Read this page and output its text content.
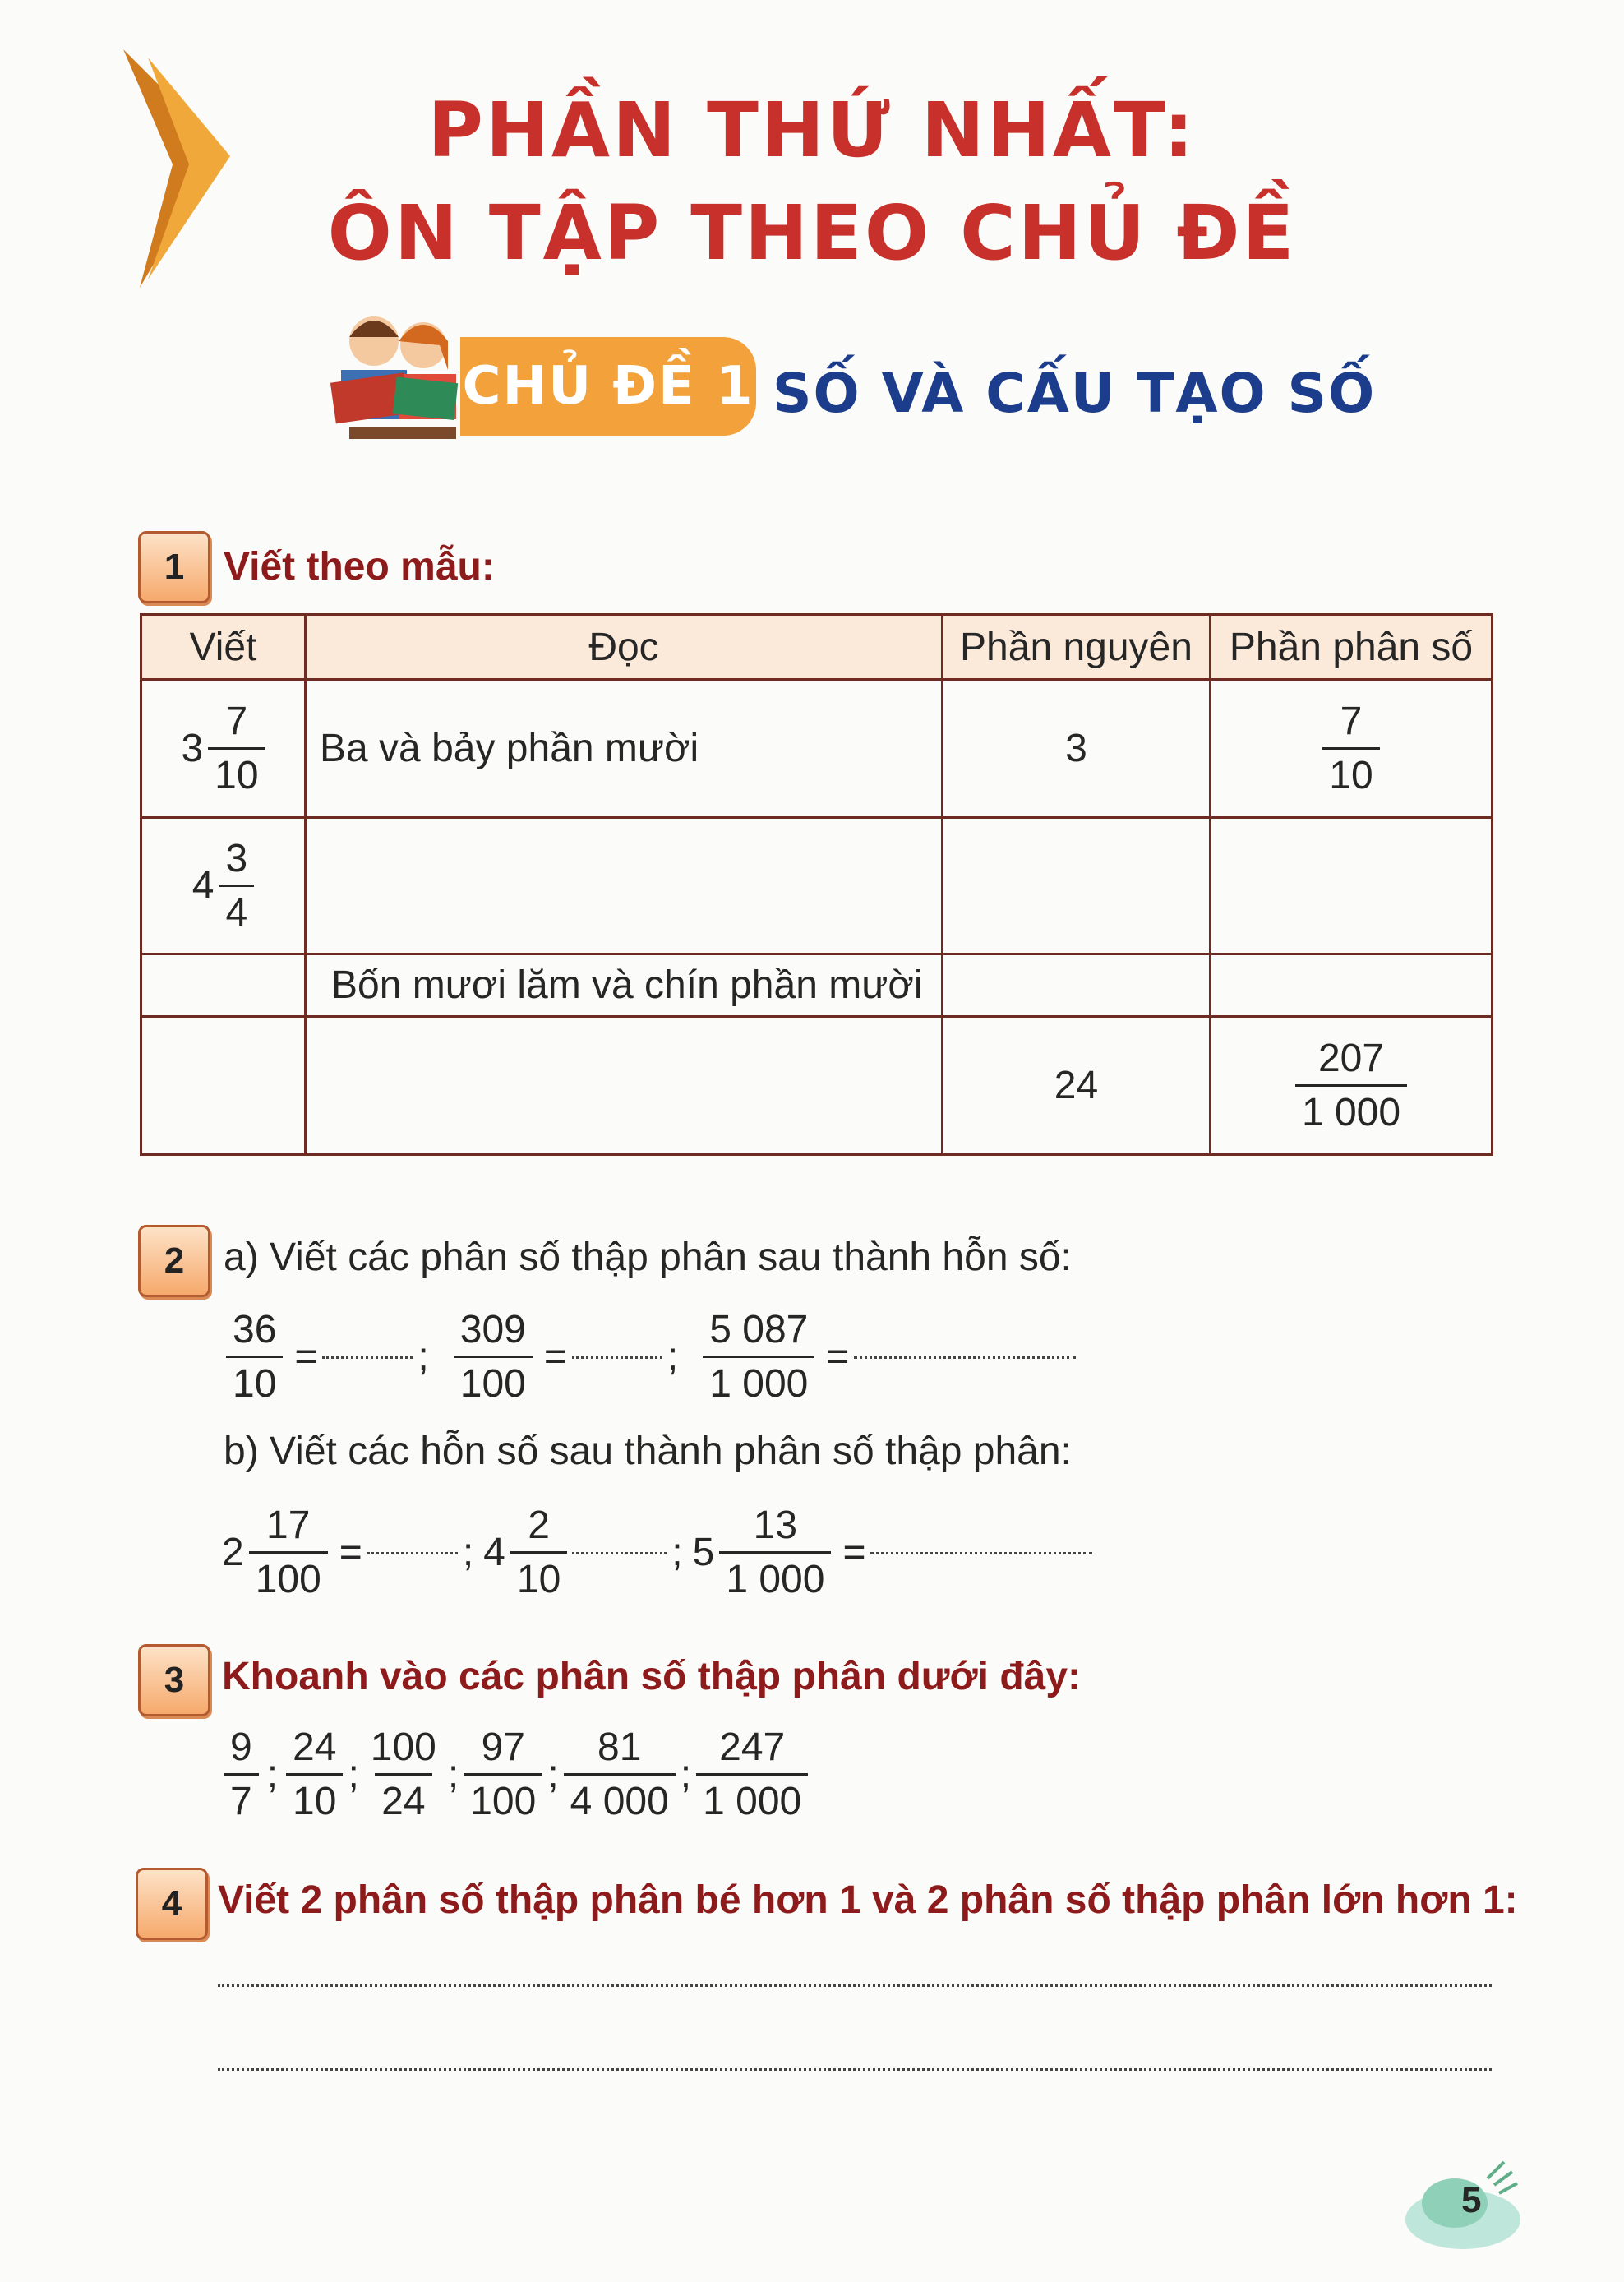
PHẦN THỨ NHẤT:
ÔN TẬP THEO CHỦ ĐỀ
CHỦ ĐỀ 1 SỐ VÀ CẤU TẠO SỐ
1 Viết theo mẫu:
Viết	Đọc	Phần nguyên	Phần phân số

$3 \frac{7}{10}$	Ba và bảy phần mười	3	$\frac{7}{10}$

$4 \frac{3}{4}$

	Bốn mươi lăm và chín phần mười		
		24	$\frac{207}{1 000}$
2 a) Viết các phân số thập phân sau thành hỗn số:
$\frac{36}{10}$ =	; $\frac{309}{100}$ =	; $\frac{5 087}{1 000}$ =
b) Viết các hỗn số sau thành phân số thập phân:
$2 \frac{17}{100}$ =	; $4 \frac{2}{10}$	; $5 \frac{13}{1 000}$ =
3 Khoanh vào các phân số thập phân dưới đây:
$\frac{9}{7}$ ; $\frac{24}{10}$ ; $\frac{100}{24}$ ; $\frac{97}{100}$ ; $\frac{81}{4 000}$ ; $\frac{247}{1 000}$
4 Viết 2 phân số thập phân bé hơn 1 và 2 phân số thập phân lớn hơn 1:
5
